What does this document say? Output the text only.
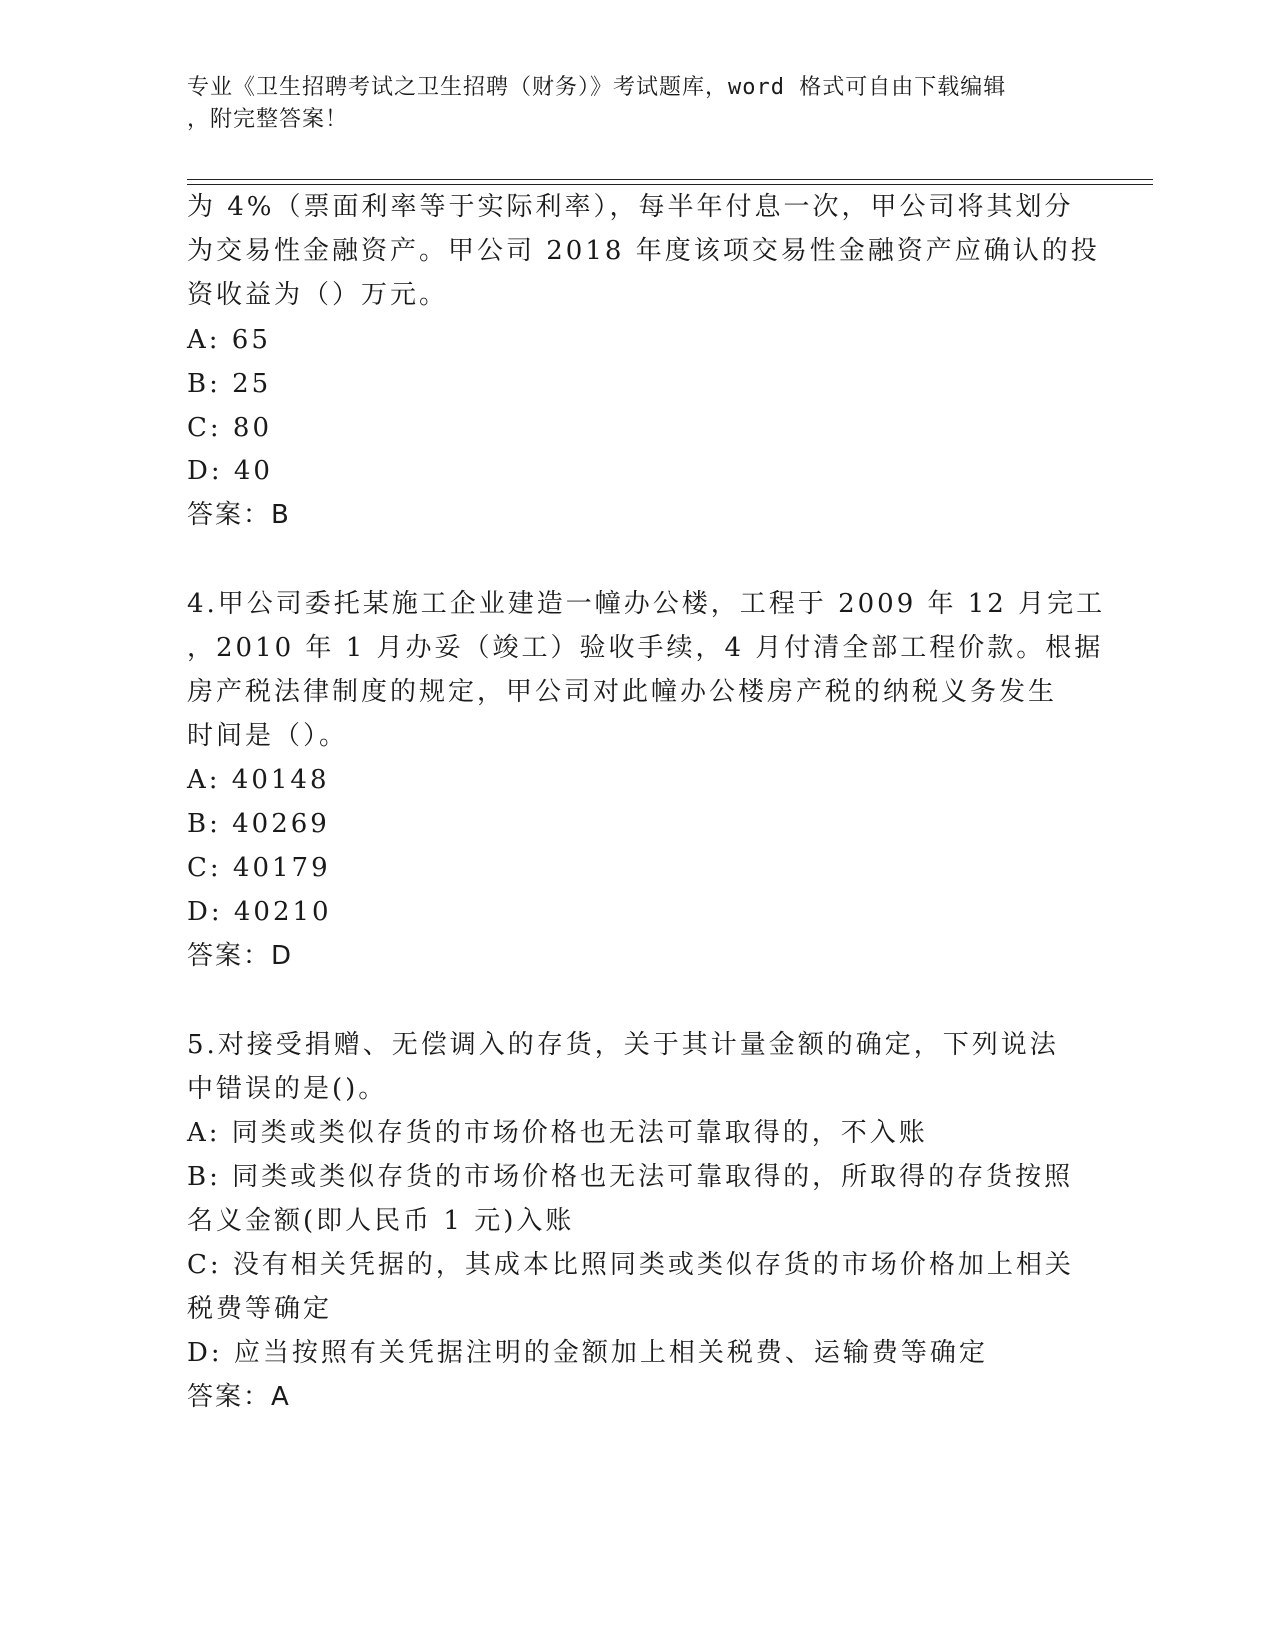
专业《卫生招聘考试之卫生招聘（财务）》考试题库，word 格式可自由下载编辑
，附完整答案！
为 4%（票面利率等于实际利率），每半年付息一次，甲公司将其划分
为交易性金融资产。甲公司 2018 年度该项交易性金融资产应确认的投
资收益为（）万元。
A: 65
B: 25
C: 80
D: 40
答案：B
4.甲公司委托某施工企业建造一幢办公楼，工程于 2009 年 12 月完工
，2010 年 1 月办妥（竣工）验收手续，4 月付清全部工程价款。根据
房产税法律制度的规定，甲公司对此幢办公楼房产税的纳税义务发生
时间是（）。
A: 40148
B: 40269
C: 40179
D: 40210
答案：D
5.对接受捐赠、无偿调入的存货，关于其计量金额的确定，下列说法
中错误的是()。
A: 同类或类似存货的市场价格也无法可靠取得的，不入账
B: 同类或类似存货的市场价格也无法可靠取得的，所取得的存货按照
名义金额(即人民币 1 元)入账
C: 没有相关凭据的，其成本比照同类或类似存货的市场价格加上相关
税费等确定
D: 应当按照有关凭据注明的金额加上相关税费、运输费等确定
答案：A
